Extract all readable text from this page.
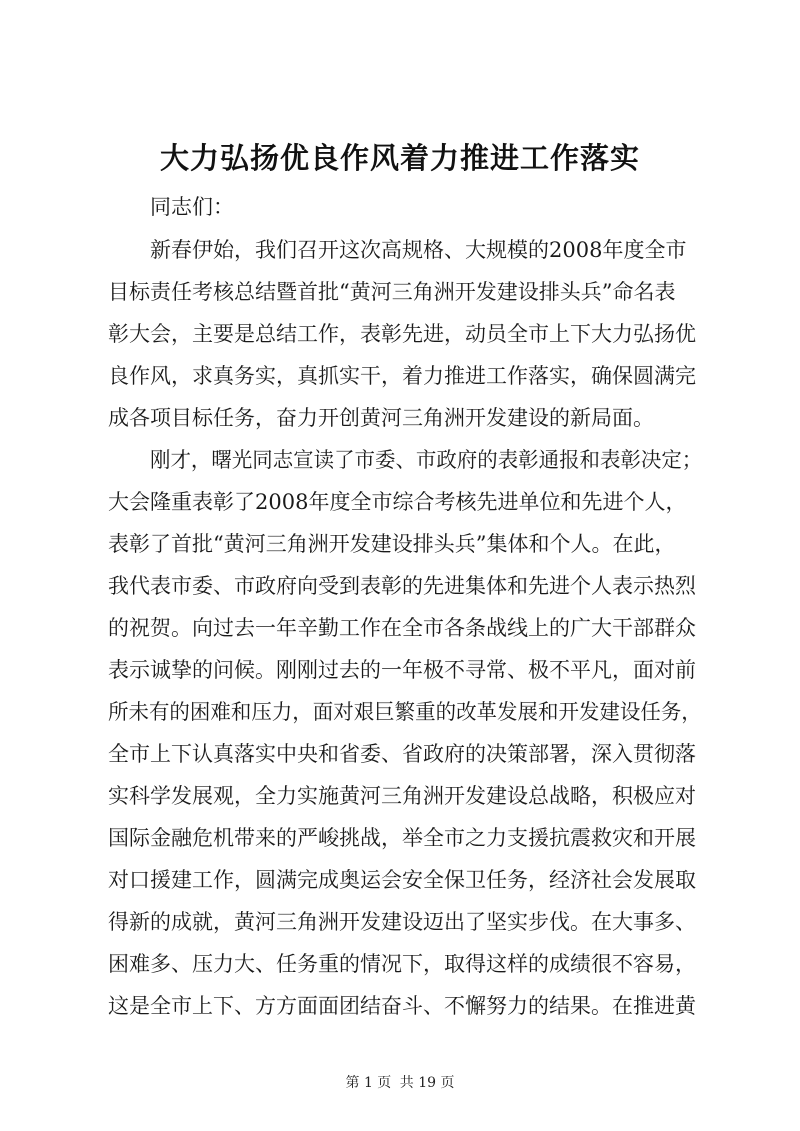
大力弘扬优良作风着力推进工作落实
同志们：
新春伊始，我们召开这次高规格、大规模的2008年度全市
目标责任考核总结暨首批“黄河三角洲开发建设排头兵”命名表
彰大会，主要是总结工作，表彰先进，动员全市上下大力弘扬优
良作风，求真务实，真抓实干，着力推进工作落实，确保圆满完
成各项目标任务，奋力开创黄河三角洲开发建设的新局面。
刚才，曙光同志宣读了市委、市政府的表彰通报和表彰决定；
大会隆重表彰了2008年度全市综合考核先进单位和先进个人，
表彰了首批“黄河三角洲开发建设排头兵”集体和个人。在此，
我代表市委、市政府向受到表彰的先进集体和先进个人表示热烈
的祝贺。向过去一年辛勤工作在全市各条战线上的广大干部群众
表示诚挚的问候。刚刚过去的一年极不寻常、极不平凡，面对前
所未有的困难和压力，面对艰巨繁重的改革发展和开发建设任务，
全市上下认真落实中央和省委、省政府的决策部署，深入贯彻落
实科学发展观，全力实施黄河三角洲开发建设总战略，积极应对
国际金融危机带来的严峻挑战，举全市之力支援抗震救灾和开展
对口援建工作，圆满完成奥运会安全保卫任务，经济社会发展取
得新的成就，黄河三角洲开发建设迈出了坚实步伐。在大事多、
困难多、压力大、任务重的情况下，取得这样的成绩很不容易，
这是全市上下、方方面面团结奋斗、不懈努力的结果。在推进黄
第 1 页 共 19 页
